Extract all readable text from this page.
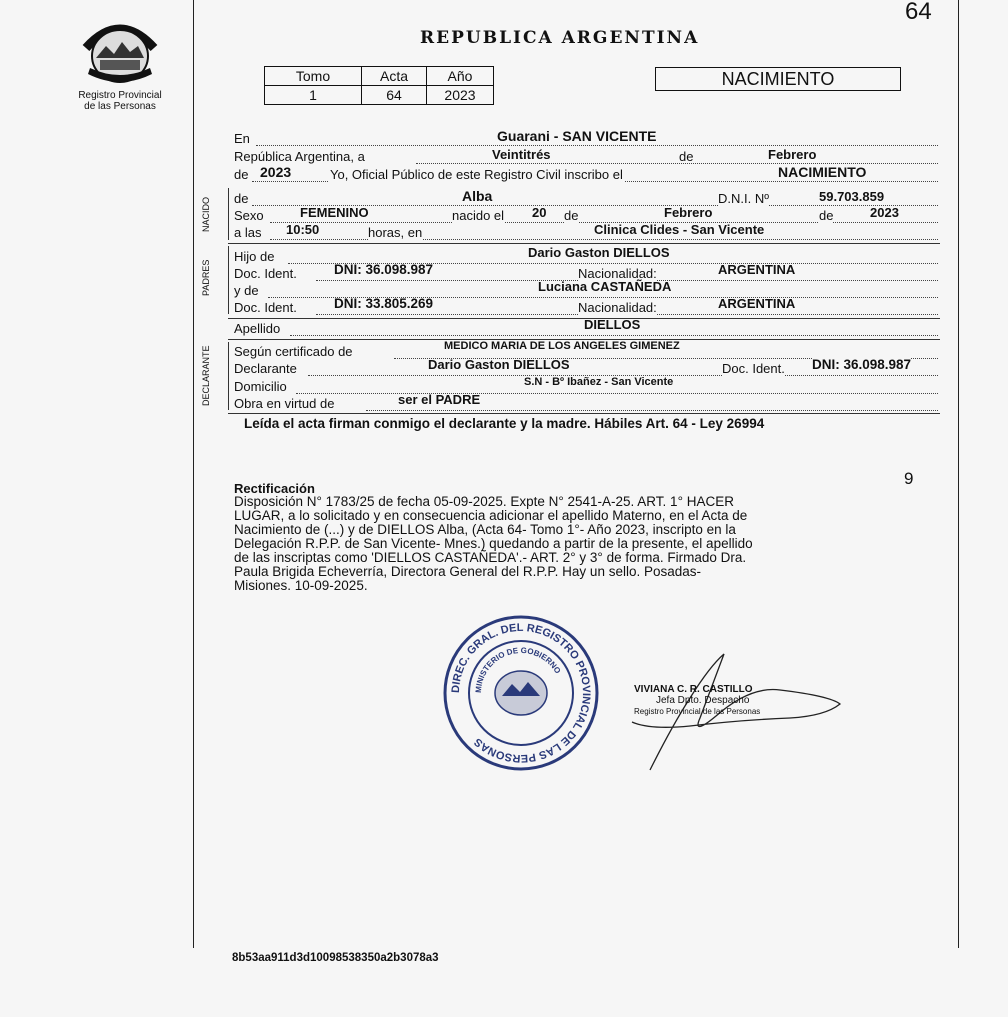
64
REPUBLICA ARGENTINA
Registro Provincial
de las Personas
Tomo	Acta	Año
1	64	2023
NACIMIENTO
En	Guarani - SAN VICENTE
República Argentina, a	Veintitrés	de	Febrero
de 2023	Yo, Oficial Público de este Registro Civil inscribo el	NACIMIENTO
NACIDO de	Alba	D.N.I. Nº	59.703.859
Sexo	FEMENINO	nacido el 20 de	Febrero	de	2023
a las 10:50	horas, en	Clinica Clides - San Vicente
PADRES
Hijo de	Dario Gaston DIELLOS
Doc. Ident.	DNI: 36.098.987	Nacionalidad:	ARGENTINA
y de	Luciana CASTAÑEDA
Doc. Ident.	DNI: 33.805.269	Nacionalidad:	ARGENTINA
Apellido	DIELLOS
DECLARANTE Según certificado de	MEDICO MARIA DE LOS ANGELES GIMENEZ
Declarante	Dario Gaston DIELLOS	Doc. Ident. DNI: 36.098.987
Domicilio	S.N - Bº Ibañez - San Vicente
Obra en virtud de	ser el PADRE
Leída el acta firman conmigo el declarante y la madre. Hábiles Art. 64 - Ley 26994
Rectificación
9
Disposición N° 1783/25 de fecha 05-09-2025. Expte N° 2541-A-25. ART. 1° HACER
LUGAR, a lo solicitado y en consecuencia adicionar el apellido Materno, en el Acta de
Nacimiento de (...) y de DIELLOS Alba, (Acta 64- Tomo 1°- Año 2023, inscripto en la
Delegación R.P.P. de San Vicente- Mnes.) quedando a partir de la presente, el apellido
de las inscriptas como 'DIELLOS CASTAÑEDA'.- ART. 2° y 3° de forma. Firmado Dra.
Paula Brigida Echeverría, Directora General del R.P.P. Hay un sello. Posadas-
Misiones. 10-09-2025.
DIREC. GRAL. DEL REGISTRO PROVINCIAL DE LAS PERSONAS
MINISTERIO DE GOBIERNO
VIVIANA C. R. CASTILLO
Jefa Dpto. Despacho
Registro Provincial de las Personas
8b53aa911d3d10098538350a2b3078a3
